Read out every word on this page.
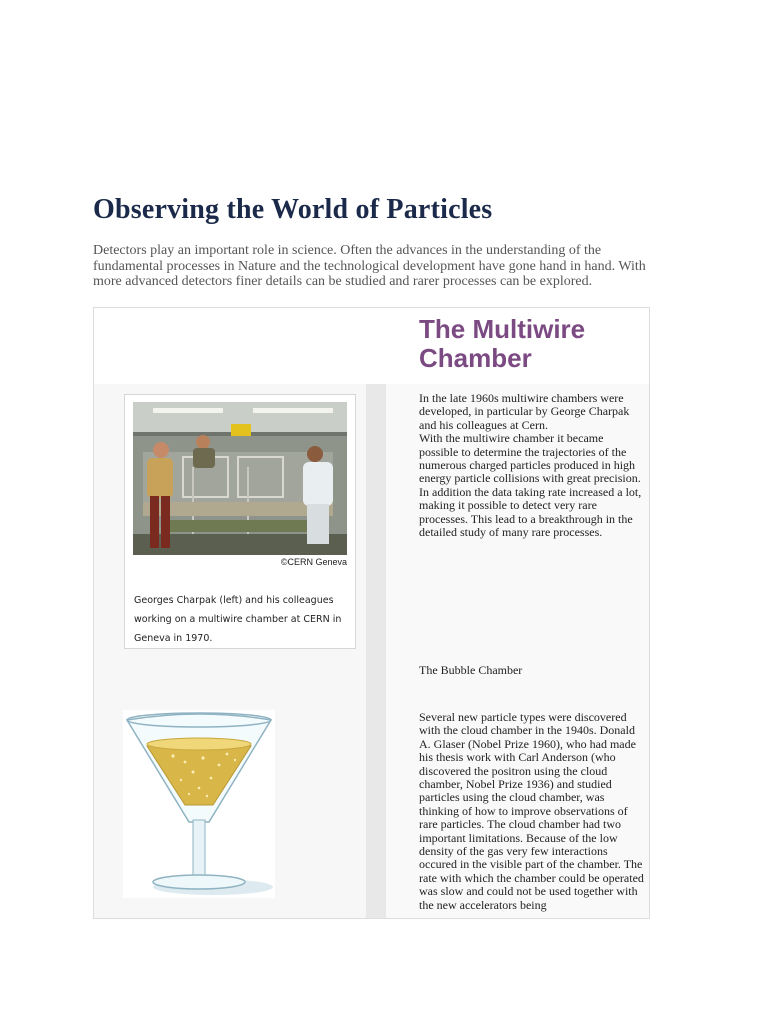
Observing the World of Particles

Detectors play an important role in science. Often the advances in the understanding of the fundamental processes in Nature and the technological development have gone hand in hand. With more advanced detectors finer details can be studied and rarer processes can be explored.

The Multiwire Chamber
©CERN Geneva

Georges Charpak (left) and his colleagues working on a multiwire chamber at CERN in Geneva in 1970.

In the late 1960s multiwire chambers were developed, in particular by George Charpak and his colleagues at Cern.
With the multiwire chamber it became possible to determine the trajectories of the numerous charged particles produced in high energy particle collisions with great precision. In addition the data taking rate increased a lot, making it possible to detect very rare processes. This lead to a breakthrough in the detailed study of many rare processes.

The Bubble Chamber

Several new particle types were discovered with the cloud chamber in the 1940s. Donald A. Glaser (Nobel Prize 1960), who had made his thesis work with Carl Anderson (who discovered the positron using the cloud chamber, Nobel Prize 1936) and studied particles using the cloud chamber, was thinking of how to improve observations of rare particles. The cloud chamber had two important limitations. Because of the low density of the gas very few interactions occured in the visible part of the chamber. The rate with which the chamber could be operated was slow and could not be used together with the new accelerators being
